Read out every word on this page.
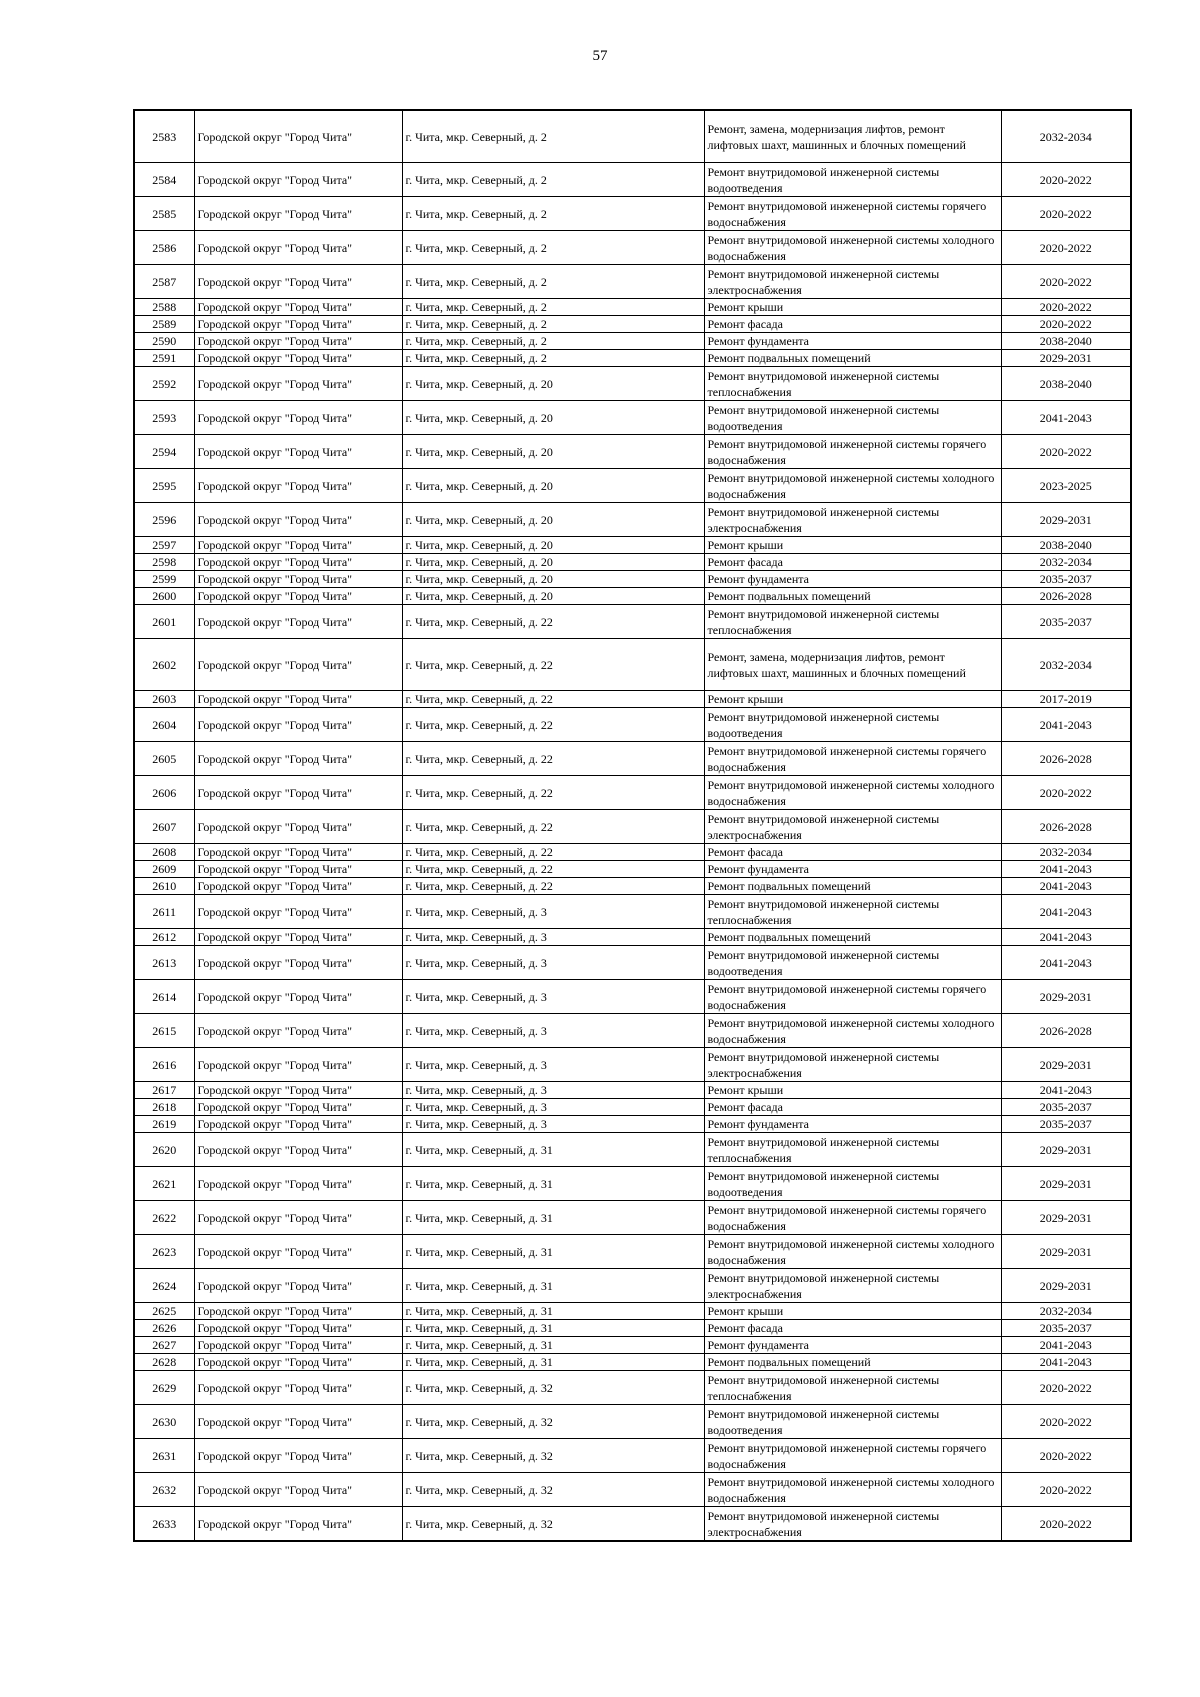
57
2583	Городской округ "Город Чита"	г. Чита, мкр. Северный, д. 2	Ремонт, замена, модернизация лифтов, ремонт лифтовых шахт, машинных и блочных помещений	2032-2034
2584	Городской округ "Город Чита"	г. Чита, мкр. Северный, д. 2	Ремонт внутридомовой инженерной системы водоотведения	2020-2022
2585	Городской округ "Город Чита"	г. Чита, мкр. Северный, д. 2	Ремонт внутридомовой инженерной системы горячего водоснабжения	2020-2022
2586	Городской округ "Город Чита"	г. Чита, мкр. Северный, д. 2	Ремонт внутридомовой инженерной системы холодного водоснабжения	2020-2022
2587	Городской округ "Город Чита"	г. Чита, мкр. Северный, д. 2	Ремонт внутридомовой инженерной системы электроснабжения	2020-2022
2588	Городской округ "Город Чита"	г. Чита, мкр. Северный, д. 2	Ремонт крыши	2020-2022
2589	Городской округ "Город Чита"	г. Чита, мкр. Северный, д. 2	Ремонт фасада	2020-2022
2590	Городской округ "Город Чита"	г. Чита, мкр. Северный, д. 2	Ремонт фундамента	2038-2040
2591	Городской округ "Город Чита"	г. Чита, мкр. Северный, д. 2	Ремонт подвальных помещений	2029-2031
2592	Городской округ "Город Чита"	г. Чита, мкр. Северный, д. 20	Ремонт внутридомовой инженерной системы теплоснабжения	2038-2040
2593	Городской округ "Город Чита"	г. Чита, мкр. Северный, д. 20	Ремонт внутридомовой инженерной системы водоотведения	2041-2043
2594	Городской округ "Город Чита"	г. Чита, мкр. Северный, д. 20	Ремонт внутридомовой инженерной системы горячего водоснабжения	2020-2022
2595	Городской округ "Город Чита"	г. Чита, мкр. Северный, д. 20	Ремонт внутридомовой инженерной системы холодного водоснабжения	2023-2025
2596	Городской округ "Город Чита"	г. Чита, мкр. Северный, д. 20	Ремонт внутридомовой инженерной системы электроснабжения	2029-2031
2597	Городской округ "Город Чита"	г. Чита, мкр. Северный, д. 20	Ремонт крыши	2038-2040
2598	Городской округ "Город Чита"	г. Чита, мкр. Северный, д. 20	Ремонт фасада	2032-2034
2599	Городской округ "Город Чита"	г. Чита, мкр. Северный, д. 20	Ремонт фундамента	2035-2037
2600	Городской округ "Город Чита"	г. Чита, мкр. Северный, д. 20	Ремонт подвальных помещений	2026-2028
2601	Городской округ "Город Чита"	г. Чита, мкр. Северный, д. 22	Ремонт внутридомовой инженерной системы теплоснабжения	2035-2037
2602	Городской округ "Город Чита"	г. Чита, мкр. Северный, д. 22	Ремонт, замена, модернизация лифтов, ремонт лифтовых шахт, машинных и блочных помещений	2032-2034
2603	Городской округ "Город Чита"	г. Чита, мкр. Северный, д. 22	Ремонт крыши	2017-2019
2604	Городской округ "Город Чита"	г. Чита, мкр. Северный, д. 22	Ремонт внутридомовой инженерной системы водоотведения	2041-2043
2605	Городской округ "Город Чита"	г. Чита, мкр. Северный, д. 22	Ремонт внутридомовой инженерной системы горячего водоснабжения	2026-2028
2606	Городской округ "Город Чита"	г. Чита, мкр. Северный, д. 22	Ремонт внутридомовой инженерной системы холодного водоснабжения	2020-2022
2607	Городской округ "Город Чита"	г. Чита, мкр. Северный, д. 22	Ремонт внутридомовой инженерной системы электроснабжения	2026-2028
2608	Городской округ "Город Чита"	г. Чита, мкр. Северный, д. 22	Ремонт фасада	2032-2034
2609	Городской округ "Город Чита"	г. Чита, мкр. Северный, д. 22	Ремонт фундамента	2041-2043
2610	Городской округ "Город Чита"	г. Чита, мкр. Северный, д. 22	Ремонт подвальных помещений	2041-2043
2611	Городской округ "Город Чита"	г. Чита, мкр. Северный, д. 3	Ремонт внутридомовой инженерной системы теплоснабжения	2041-2043
2612	Городской округ "Город Чита"	г. Чита, мкр. Северный, д. 3	Ремонт подвальных помещений	2041-2043
2613	Городской округ "Город Чита"	г. Чита, мкр. Северный, д. 3	Ремонт внутридомовой инженерной системы водоотведения	2041-2043
2614	Городской округ "Город Чита"	г. Чита, мкр. Северный, д. 3	Ремонт внутридомовой инженерной системы горячего водоснабжения	2029-2031
2615	Городской округ "Город Чита"	г. Чита, мкр. Северный, д. 3	Ремонт внутридомовой инженерной системы холодного водоснабжения	2026-2028
2616	Городской округ "Город Чита"	г. Чита, мкр. Северный, д. 3	Ремонт внутридомовой инженерной системы электроснабжения	2029-2031
2617	Городской округ "Город Чита"	г. Чита, мкр. Северный, д. 3	Ремонт крыши	2041-2043
2618	Городской округ "Город Чита"	г. Чита, мкр. Северный, д. 3	Ремонт фасада	2035-2037
2619	Городской округ "Город Чита"	г. Чита, мкр. Северный, д. 3	Ремонт фундамента	2035-2037
2620	Городской округ "Город Чита"	г. Чита, мкр. Северный, д. 31	Ремонт внутридомовой инженерной системы теплоснабжения	2029-2031
2621	Городской округ "Город Чита"	г. Чита, мкр. Северный, д. 31	Ремонт внутридомовой инженерной системы водоотведения	2029-2031
2622	Городской округ "Город Чита"	г. Чита, мкр. Северный, д. 31	Ремонт внутридомовой инженерной системы горячего водоснабжения	2029-2031
2623	Городской округ "Город Чита"	г. Чита, мкр. Северный, д. 31	Ремонт внутридомовой инженерной системы холодного водоснабжения	2029-2031
2624	Городской округ "Город Чита"	г. Чита, мкр. Северный, д. 31	Ремонт внутридомовой инженерной системы электроснабжения	2029-2031
2625	Городской округ "Город Чита"	г. Чита, мкр. Северный, д. 31	Ремонт крыши	2032-2034
2626	Городской округ "Город Чита"	г. Чита, мкр. Северный, д. 31	Ремонт фасада	2035-2037
2627	Городской округ "Город Чита"	г. Чита, мкр. Северный, д. 31	Ремонт фундамента	2041-2043
2628	Городской округ "Город Чита"	г. Чита, мкр. Северный, д. 31	Ремонт подвальных помещений	2041-2043
2629	Городской округ "Город Чита"	г. Чита, мкр. Северный, д. 32	Ремонт внутридомовой инженерной системы теплоснабжения	2020-2022
2630	Городской округ "Город Чита"	г. Чита, мкр. Северный, д. 32	Ремонт внутридомовой инженерной системы водоотведения	2020-2022
2631	Городской округ "Город Чита"	г. Чита, мкр. Северный, д. 32	Ремонт внутридомовой инженерной системы горячего водоснабжения	2020-2022
2632	Городской округ "Город Чита"	г. Чита, мкр. Северный, д. 32	Ремонт внутридомовой инженерной системы холодного водоснабжения	2020-2022
2633	Городской округ "Город Чита"	г. Чита, мкр. Северный, д. 32	Ремонт внутридомовой инженерной системы электроснабжения	2020-2022
